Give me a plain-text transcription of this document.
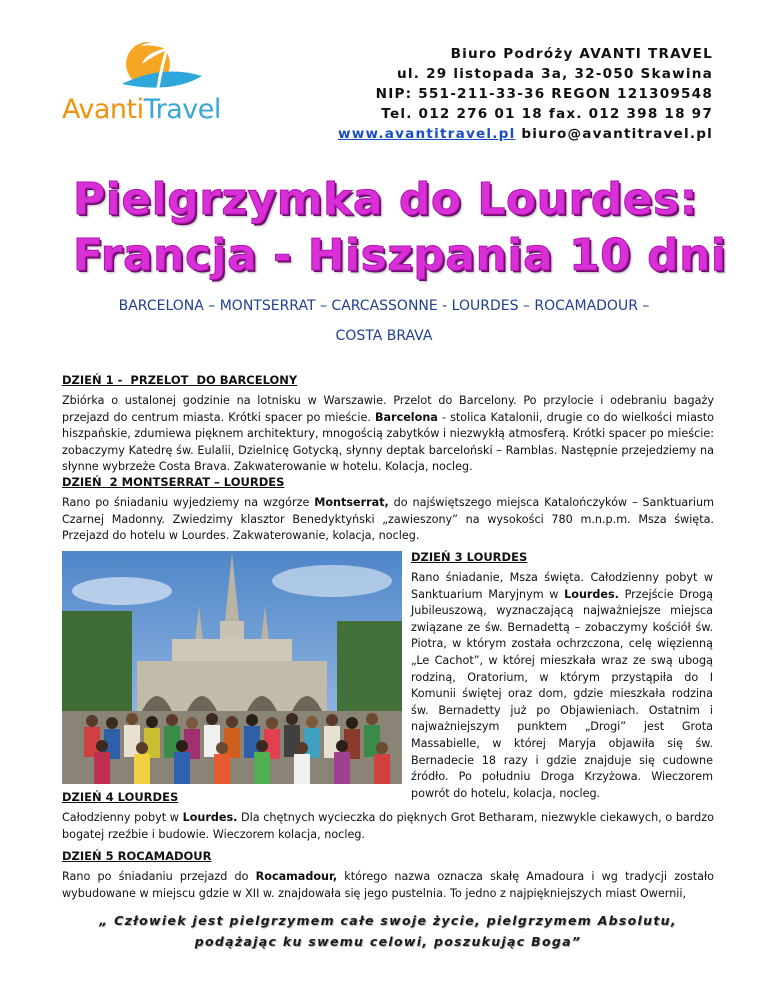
AvantiTravel
Biuro Podróży AVANTI TRAVEL
ul. 29 listopada 3a, 32-050 Skawina
NIP: 551-211-33-36 REGON 121309548
Tel. 012 276 01 18 fax. 012 398 18 97
www.avantitravel.pl biuro@avantitravel.pl
Pielgrzymka do Lourdes:
Francja - Hiszpania 10 dni
BARCELONA – MONTSERRAT – CARCASSONNE - LOURDES – ROCAMADOUR –
COSTA BRAVA
DZIEŃ 1 -  PRZELOT  DO BARCELONY

Zbiórka o ustalonej godzinie na lotnisku w Warszawie. Przelot do Barcelony. Po przylocie i odebraniu bagaży przejazd do centrum miasta. Krótki spacer po mieście. Barcelona - stolica Katalonii, drugie co do wielkości miasto hiszpańskie, zdumiewa pięknem architektury, mnogością zabytków i niezwykłą atmosferą. Krótki spacer po mieście: zobaczymy Katedrę św. Eulalii, Dzielnicę Gotycką, słynny deptak barceloński – Ramblas. Następnie przejedziemy na słynne wybrzeże Costa Brava. Zakwaterowanie w hotelu. Kolacja, nocleg.

DZIEŃ  2 MONTSERRAT – LOURDES

Rano po śniadaniu wyjedziemy na wzgórze Montserrat, do najświętszego miejsca Katalończyków – Sanktuarium Czarnej Madonny. Zwiedzimy klasztor Benedyktyński „zawieszony” na wysokości 780 m.n.p.m. Msza święta. Przejazd do hotelu w Lourdes. Zakwaterowanie, kolacja, nocleg.

DZIEŃ 3 LOURDES

Rano śniadanie, Msza święta. Całodzienny pobyt w Sanktuarium Maryjnym w Lourdes. Przejście Drogą Jubileuszową, wyznaczającą najważniejsze miejsca związane ze św. Bernadettą – zobaczymy kościół św. Piotra, w którym została ochrzczona, celę więzienną „Le Cachot”, w której mieszkała wraz ze swą ubogą rodziną, Oratorium, w którym przystąpiła do I Komunii świętej oraz dom, gdzie mieszkała rodzina św. Bernadetty już po Objawieniach. Ostatnim i najważniejszym punktem „Drogi” jest Grota Massabielle, w której Maryja objawiła się św. Bernadecie 18 razy i gdzie znajduje się cudowne źródło. Po południu Droga Krzyżowa. Wieczorem powrót do hotelu, kolacja, nocleg.

DZIEŃ 4 LOURDES

Całodzienny pobyt w Lourdes. Dla chętnych wycieczka do pięknych Grot Betharam, niezwykle ciekawych, o bardzo bogatej rzeźbie i budowie. Wieczorem kolacja, nocleg.

DZIEŃ 5 ROCAMADOUR

Rano po śniadaniu przejazd do Rocamadour, którego nazwa oznacza skałę Amadoura i wg tradycji zostało wybudowane w miejscu gdzie w XII w. znajdowała się jego pustelnia. To jedno z najpiękniejszych miast Owernii,

„ Człowiek jest pielgrzymem całe swoje życie, pielgrzymem Absolutu, podążając ku swemu celowi, poszukując Boga”
